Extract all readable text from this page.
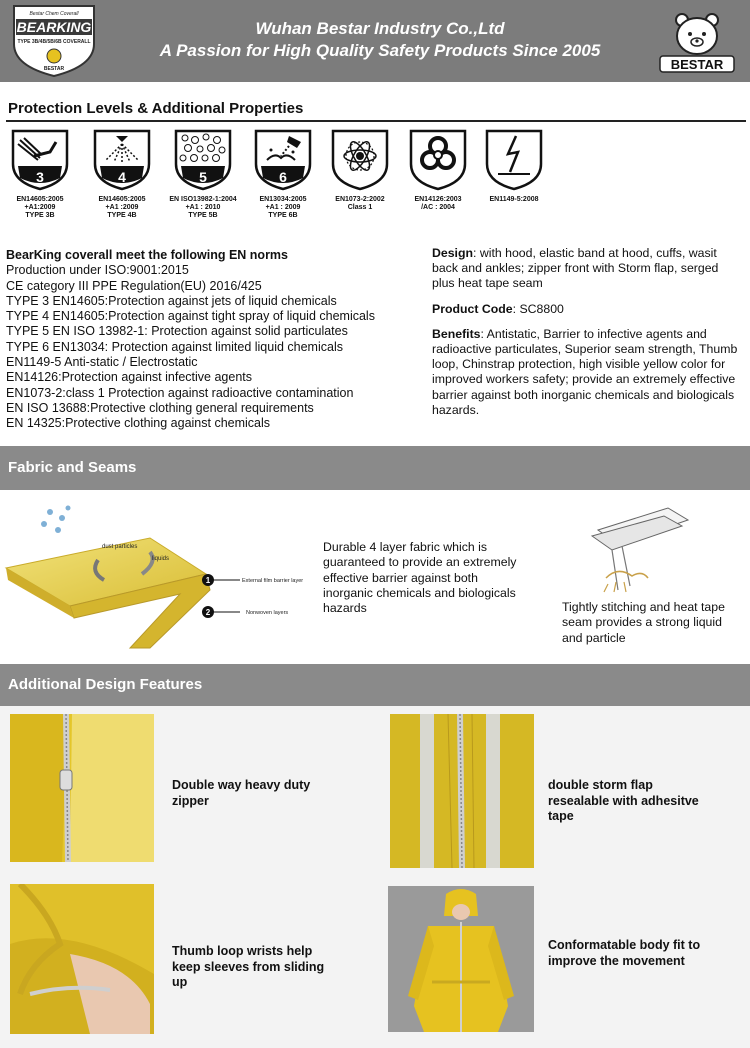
Bestar Chem Coverall
BEARKING
TYPE 3B/4B/5B/6B COVERALL
BESTAR
Wuhan Bestar Industry Co.,Ltd
A Passion for High Quality Safety Products Since 2005
BESTAR
Protection Levels & Additional Properties
3
EN14605:2005
+A1:2009
TYPE 3B
4
EN14605:2005
+A1 :2009
TYPE 4B
5
EN ISO13982-1:2004
+A1 : 2010
TYPE 5B
6
EN13034:2005
+A1 : 2009
TYPE 6B
EN1073-2:2002
Class 1
EN14126:2003
/AC : 2004
EN1149-5:2008
BearKing coverall meet the following EN norms
Production under ISO:9001:2015
CE category III PPE Regulation(EU) 2016/425
TYPE 3 EN14605:Protection against jets of liquid chemicals
TYPE 4 EN14605:Protection against tight spray of liquid chemicals
TYPE 5 EN ISO 13982-1: Protection against solid particulates
TYPE 6 EN13034: Protection against limited liquid chemicals
EN1149-5 Anti-static / Electrostatic
EN14126:Protection against infective agents
EN1073-2:class 1 Protection against radioactive contamination
EN ISO 13688:Protective clothing general requirements
EN 14325:Protective clothing against chemicals

Design: with hood, elastic band at hood, cuffs, wasit back and ankles; zipper front with Storm flap, serged plus heat tape seam

Product Code: SC8800

Benefits: Antistatic, Barrier to infective agents and radioactive particulates, Superior seam strength, Thumb loop, Chinstrap protection, high visible yellow color for improved workers safety; provide an extremely effective barrier against both inorganic chemicals and biologicals hazards.

Fabric and Seams
dust particles
liquids
1	External film barrier layer
2	Nonwoven layers
Durable 4 layer fabric which is guaranteed to provide an extremely effective barrier against both inorganic chemicals and biologicals hazards	Tightly stitching and heat tape seam provides a strong liquid and particle
Additional Design Features
Double way heavy duty zipper
double storm flap resealable with adhesitve tape
Thumb loop wrists help keep sleeves from sliding up
Conformatable body fit to improve the movement
